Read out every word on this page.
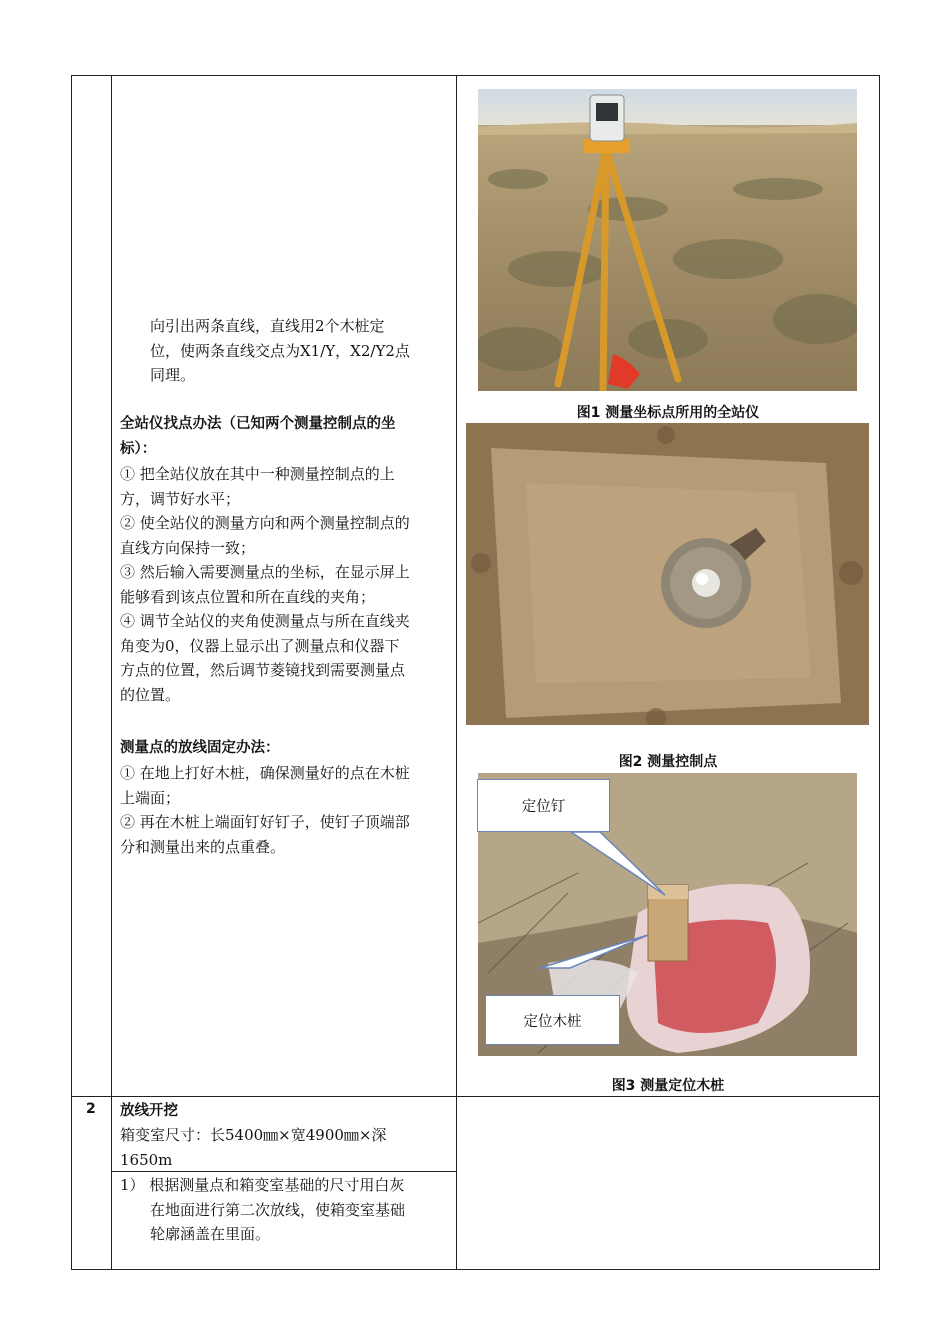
向引出两条直线，直线用2个木桩定

位，使两条直线交点为X1/Y，X2/Y2点

同理。

全站仪找点办法（已知两个测量控制点的坐

标）：

① 把全站仪放在其中一种测量控制点的上

方，调节好水平；

② 使全站仪的测量方向和两个测量控制点的

直线方向保持一致；

③ 然后输入需要测量点的坐标，在显示屏上

能够看到该点位置和所在直线的夹角；

④ 调节全站仪的夹角使测量点与所在直线夹

角变为0，仪器上显示出了测量点和仪器下

方点的位置，然后调节菱镜找到需要测量点

的位置。

测量点的放线固定办法：

① 在地上打好木桩，确保测量好的点在木桩

上端面；

② 再在木桩上端面钉好钉子，使钉子顶端部

分和测量出来的点重叠。

图1 测量坐标点所用的全站仪
图2 测量控制点
定位钉
定位木桩
图3 测量定位木桩
2 放线开挖

箱变室尺寸：长5400㎜×宽4900㎜×深

1650m

1） 根据测量点和箱变室基础的尺寸用白灰

在地面进行第二次放线，使箱变室基础

轮廓涵盖在里面。
